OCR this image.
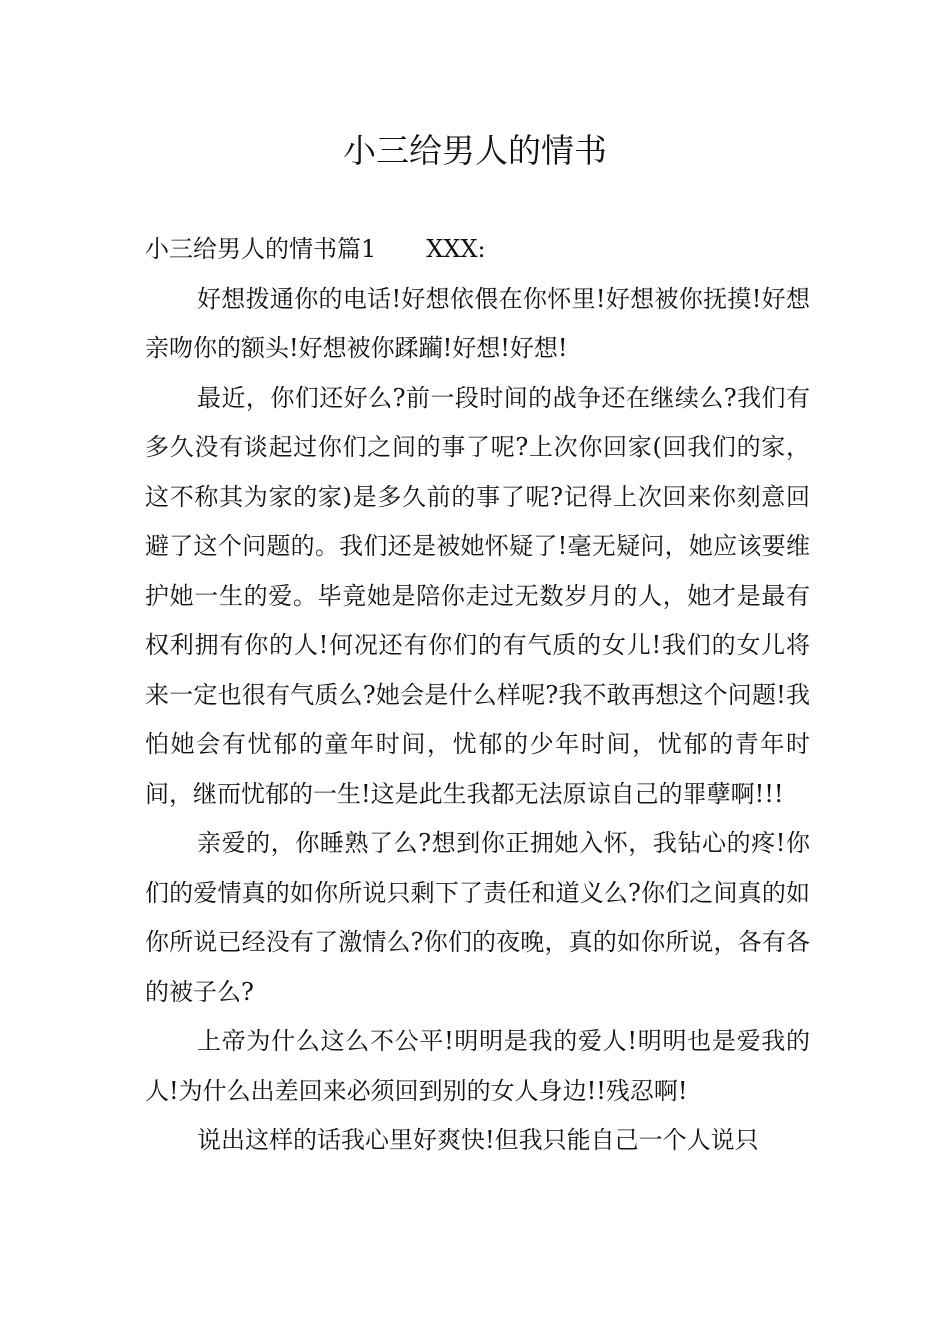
小三给男人的情书

小三给男人的情书篇1 XXX:

好想拨通你的电话!好想依偎在你怀里!好想被你抚摸!好想亲吻你的额头!好想被你蹂躏!好想!好想!

最近，你们还好么?前一段时间的战争还在继续么?我们有多久没有谈起过你们之间的事了呢?上次你回家(回我们的家，这不称其为家的家)是多久前的事了呢?记得上次回来你刻意回避了这个问题的。我们还是被她怀疑了!毫无疑问，她应该要维护她一生的爱。毕竟她是陪你走过无数岁月的人，她才是最有权利拥有你的人!何况还有你们的有气质的女儿!我们的女儿将来一定也很有气质么?她会是什么样呢?我不敢再想这个问题!我怕她会有忧郁的童年时间，忧郁的少年时间，忧郁的青年时间，继而忧郁的一生!这是此生我都无法原谅自己的罪孽啊!!!

亲爱的，你睡熟了么?想到你正拥她入怀，我钻心的疼!你们的爱情真的如你所说只剩下了责任和道义么?你们之间真的如你所说已经没有了激情么?你们的夜晚，真的如你所说，各有各的被子么?

上帝为什么这么不公平!明明是我的爱人!明明也是爱我的人!为什么出差回来必须回到别的女人身边!!残忍啊!

说出这样的话我心里好爽快!但我只能自己一个人说只
